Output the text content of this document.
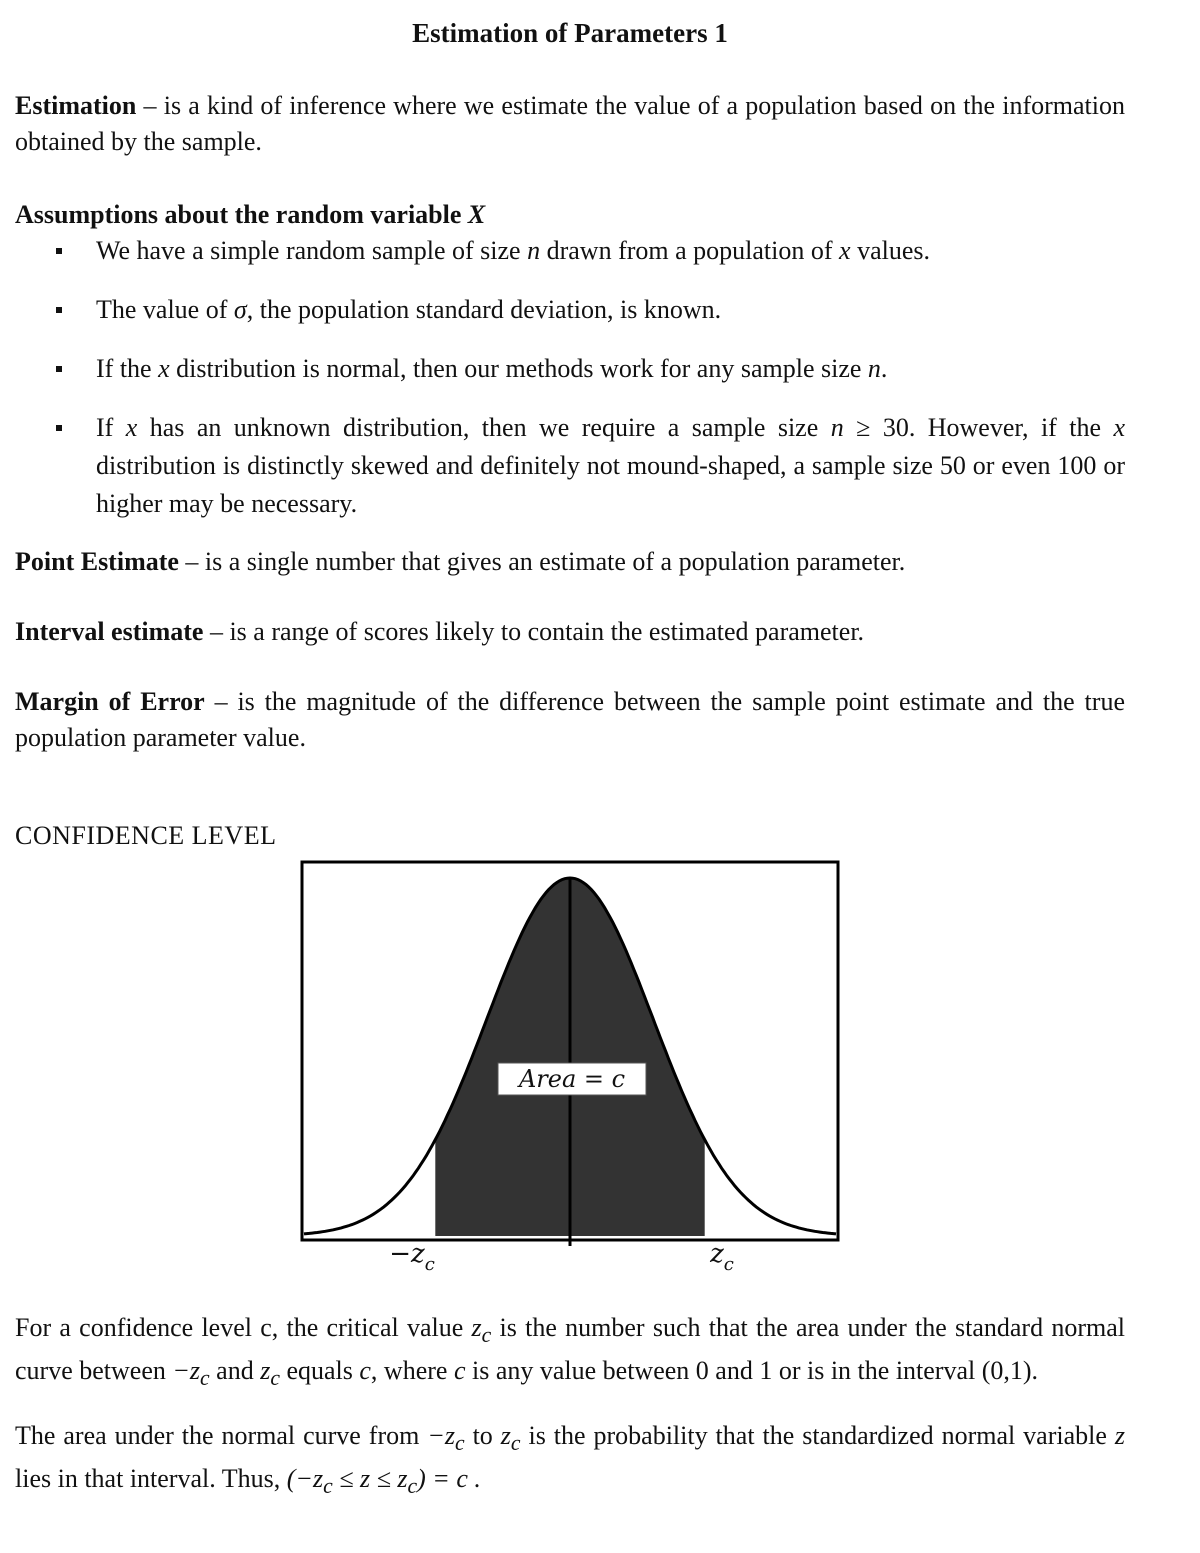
Estimation of Parameters 1
Estimation – is a kind of inference where we estimate the value of a population based on the information obtained by the sample.
Assumptions about the random variable X
We have a simple random sample of size n drawn from a population of x values.
The value of σ, the population standard deviation, is known.
If the x distribution is normal, then our methods work for any sample size n.
If x has an unknown distribution, then we require a sample size n ≥ 30. However, if the x distribution is distinctly skewed and definitely not mound-shaped, a sample size 50 or even 100 or higher may be necessary.
Point Estimate – is a single number that gives an estimate of a population parameter.
Interval estimate – is a range of scores likely to contain the estimated parameter.
Margin of Error – is the magnitude of the difference between the sample point estimate and the true population parameter value.
CONFIDENCE LEVEL
Area = c
$-z_c$	$z_c$
For a confidence level c, the critical value $z_c$ is the number such that the area under the standard normal curve between $-z_c$ and $z_c$ equals c, where c is any value between 0 and 1 or is in the interval (0,1).
The area under the normal curve from $-z_c$ to $z_c$ is the probability that the standardized normal variable z lies in that interval. Thus, $(-z_c \le z \le z_c) = c$ .
